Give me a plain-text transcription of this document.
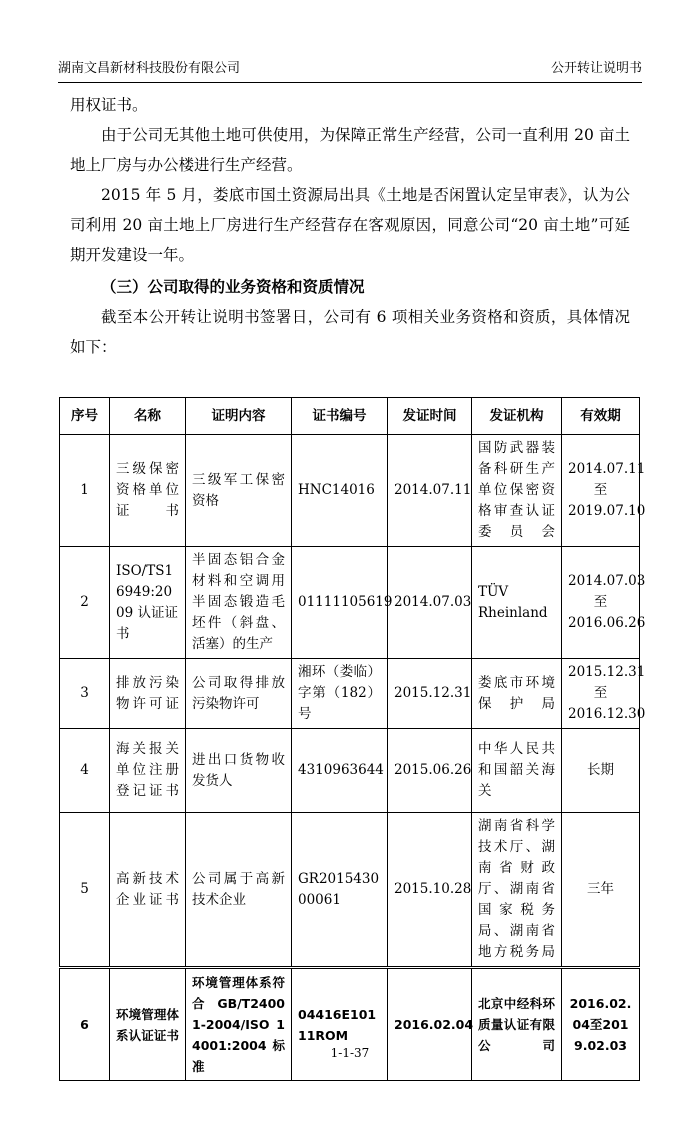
湖南文昌新材科技股份有限公司	公开转让说明书

用权证书。

由于公司无其他土地可供使用，为保障正常生产经营，公司一直利用 20 亩土地上厂房与办公楼进行生产经营。

2015 年 5 月，娄底市国土资源局出具《土地是否闲置认定呈审表》，认为公司利用 20 亩土地上厂房进行生产经营存在客观原因，同意公司“20 亩土地”可延期开发建设一年。

（三）公司取得的业务资格和资质情况

截至本公开转让说明书签署日，公司有 6 项相关业务资格和资质，具体情况如下：

序号	名称	证明内容	证书编号	发证时间	发证机构	有效期
1	三级保密资格单位证书	三级军工保密资格	HNC14016	2014.07.11	国防武器装备科研生产单位保密资格审查认证委员会	2014.07.11
至
2019.07.10
2	ISO/TS16949:2009 认证证书	半固态铝合金材料和空调用半固态锻造毛坯件（斜盘、活塞）的生产	01111105619	2014.07.03	TÜV Rheinland	2014.07.03
至
2016.06.26
3	排放污染物许可证	公司取得排放污染物许可	湘环（娄临）字第（182）号	2015.12.31	娄底市环境保护局	2015.12.31
至
2016.12.30
4	海关报关单位注册登记证书	进出口货物收发货人	4310963644	2015.06.26	中华人民共和国韶关海关	长期
5	高新技术企业证书	公司属于高新技术企业	GR201543000061	2015.10.28	湖南省科学技术厅、湖南省财政厅、湖南省国家税务局、湖南省地方税务局	三年
6	环境管理体系认证证书	环境管理体系符合 GB/T24001-2004/ISO 14001:2004标准	04416E10111ROM	2016.02.04	北京中经科环质量认证有限公司	2016.02.04至2019.02.03
1-1-37
